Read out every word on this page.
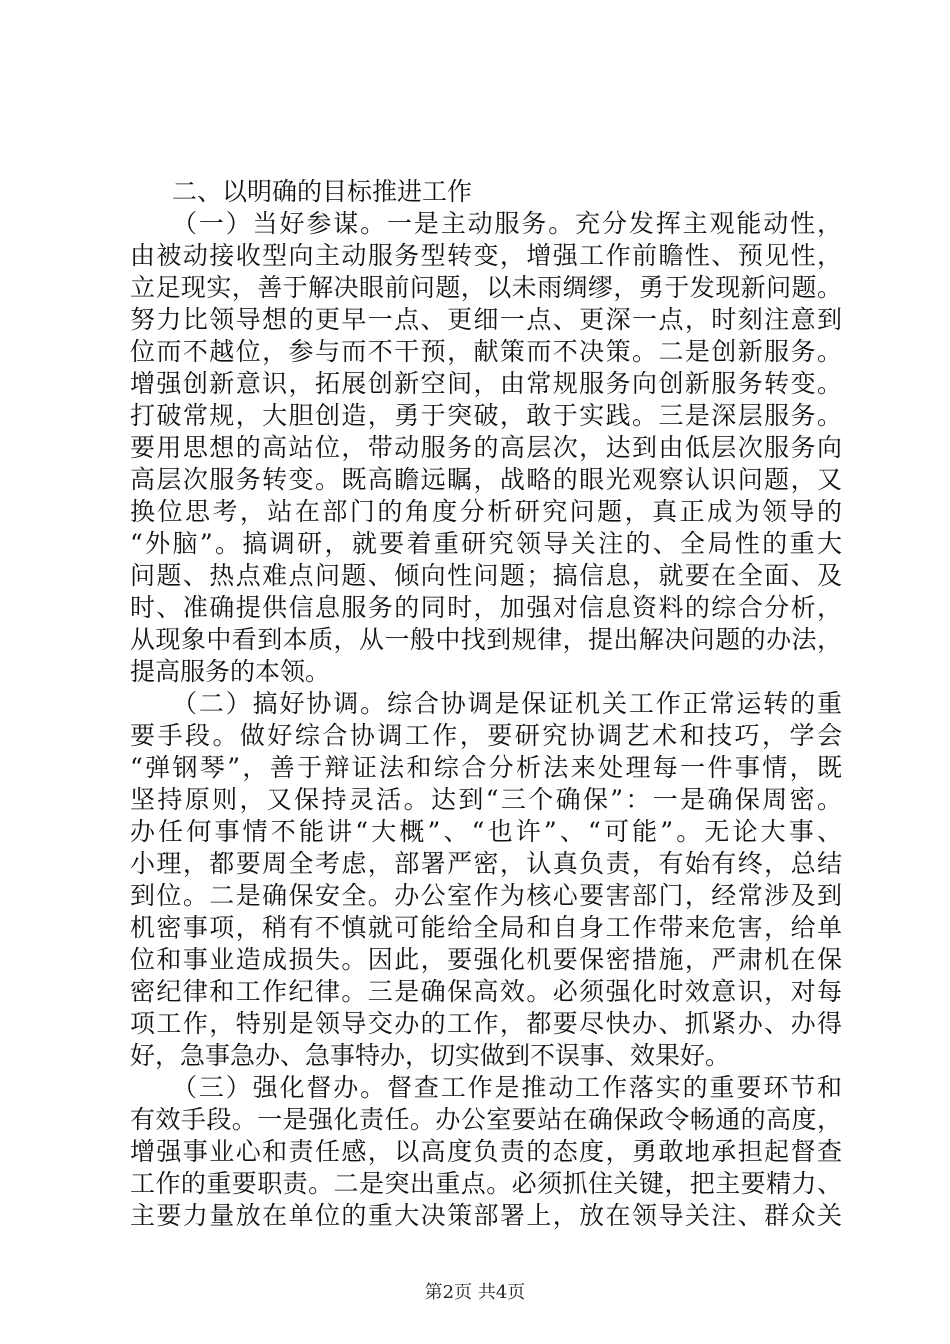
二、以明确的目标推进工作
（一）当好参谋。一是主动服务。充分发挥主观能动性，
由被动接收型向主动服务型转变，增强工作前瞻性、预见性，
立足现实，善于解决眼前问题，以未雨绸缪，勇于发现新问题。
努力比领导想的更早一点、更细一点、更深一点，时刻注意到
位而不越位，参与而不干预，献策而不决策。二是创新服务。
增强创新意识，拓展创新空间，由常规服务向创新服务转变。
打破常规，大胆创造，勇于突破，敢于实践。三是深层服务。
要用思想的高站位，带动服务的高层次，达到由低层次服务向
高层次服务转变。既高瞻远瞩，战略的眼光观察认识问题，又
换位思考，站在部门的角度分析研究问题，真正成为领导的
“外脑”。搞调研，就要着重研究领导关注的、全局性的重大
问题、热点难点问题、倾向性问题；搞信息，就要在全面、及
时、准确提供信息服务的同时，加强对信息资料的综合分析，
从现象中看到本质，从一般中找到规律，提出解决问题的办法，
提高服务的本领。
（二）搞好协调。综合协调是保证机关工作正常运转的重
要手段。做好综合协调工作，要研究协调艺术和技巧，学会
“弹钢琴”，善于辩证法和综合分析法来处理每一件事情，既
坚持原则，又保持灵活。达到“三个确保”：一是确保周密。
办任何事情不能讲“大概”、“也许”、“可能”。无论大事、
小理，都要周全考虑，部署严密，认真负责，有始有终，总结
到位。二是确保安全。办公室作为核心要害部门，经常涉及到
机密事项，稍有不慎就可能给全局和自身工作带来危害，给单
位和事业造成损失。因此，要强化机要保密措施，严肃机在保
密纪律和工作纪律。三是确保高效。必须强化时效意识，对每
项工作，特别是领导交办的工作，都要尽快办、抓紧办、办得
好，急事急办、急事特办，切实做到不误事、效果好。
（三）强化督办。督查工作是推动工作落实的重要环节和
有效手段。一是强化责任。办公室要站在确保政令畅通的高度，
增强事业心和责任感，以高度负责的态度，勇敢地承担起督查
工作的重要职责。二是突出重点。必须抓住关键，把主要精力、
主要力量放在单位的重大决策部署上，放在领导关注、群众关
第2页 共4页
